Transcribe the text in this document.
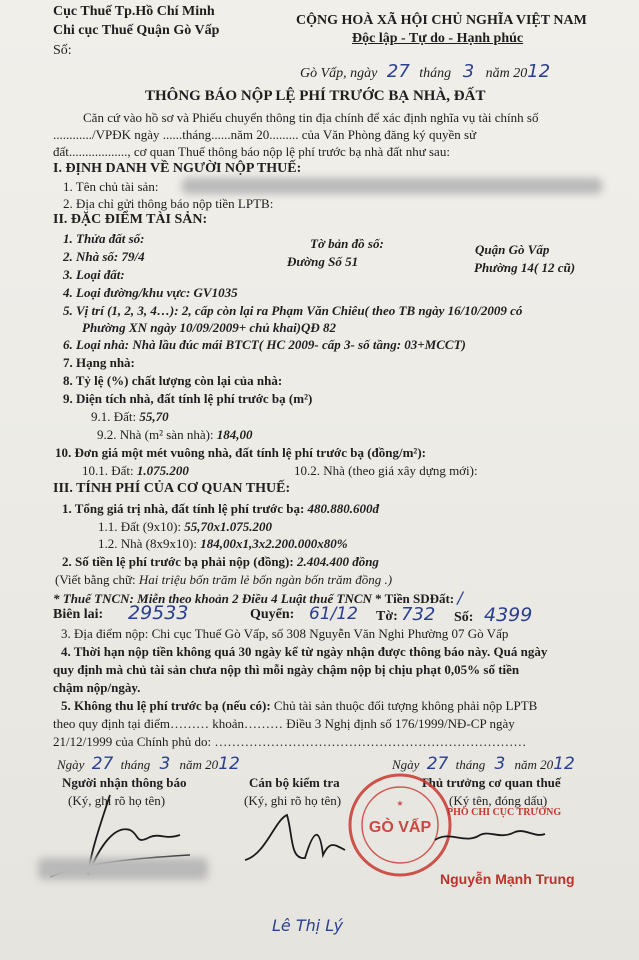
Cục Thuế Tp.Hồ Chí Minh
Chi cục Thuế Quận Gò Vấp
Số:
CỘNG HOÀ XÃ HỘI CHỦ NGHĨA VIỆT NAM
Độc lập - Tự do - Hạnh phúc
Gò Vấp, ngày 27 tháng 3 năm 2012
THÔNG BÁO NỘP LỆ PHÍ TRƯỚC BẠ NHÀ, ĐẤT
Căn cứ vào hồ sơ và Phiếu chuyển thông tin địa chính để xác định nghĩa vụ tài chính số
............/VPĐK ngày ......tháng......năm 20......... của Văn Phòng đăng ký quyền sử
đất.................., cơ quan Thuế thông báo nộp lệ phí trước bạ nhà đất như sau:
I. ĐỊNH DANH VỀ NGƯỜI NỘP THUẾ:
1. Tên chủ tài sản:
2. Địa chỉ gửi thông báo nộp tiền LPTB:
II. ĐẶC ĐIỂM TÀI SẢN:
1. Thửa đất số:	Tờ bản đồ số:	Quận Gò Vấp
2. Nhà số: 79/4	Đường Số 51	Phường 14( 12 cũ)
3. Loại đất:
4. Loại đường/khu vực: GV1035
5. Vị trí (1, 2, 3, 4…): 2, cấp còn lại ra Phạm Văn Chiêu( theo TB ngày 16/10/2009 có
Phường XN ngày 10/09/2009+ chủ khai)QĐ 82
6. Loại nhà: Nhà lầu đúc mái BTCT( HC 2009- cấp 3- số tầng: 03+MCCT)
7. Hạng nhà:
8. Tỷ lệ (%) chất lượng còn lại của nhà:
9. Diện tích nhà, đất tính lệ phí trước bạ (m²)
9.1. Đất: 55,70
9.2. Nhà (m² sàn nhà): 184,00
10. Đơn giá một mét vuông nhà, đất tính lệ phí trước bạ (đồng/m²):
10.1. Đất: 1.075.200	10.2. Nhà (theo giá xây dựng mới):
III. TÍNH PHÍ CỦA CƠ QUAN THUẾ:
1. Tổng giá trị nhà, đất tính lệ phí trước bạ: 480.880.600đ
1.1. Đất (9x10): 55,70x1.075.200
1.2. Nhà (8x9x10): 184,00x1,3x2.200.000x80%
2. Số tiền lệ phí trước bạ phải nộp (đồng): 2.404.400 đồng
(Viết bằng chữ: Hai triệu bốn trăm lẻ bốn ngàn bốn trăm đồng .)
* Thuế TNCN: Miễn theo khoản 2 Điều 4 Luật thuế TNCN * Tiền SDĐất: /
Biên lai: 29533	Quyển: 61/12 Tờ: 732 Số: 4399
3. Địa điểm nộp: Chi cục Thuế Gò Vấp, số 308 Nguyễn Văn Nghi Phường 07 Gò Vấp
4. Thời hạn nộp tiền không quá 30 ngày kể từ ngày nhận được thông báo này. Quá ngày
quy định mà chủ tài sản chưa nộp thì mỗi ngày chậm nộp bị chịu phạt 0,05% số tiền
chậm nộp/ngày.
5. Không thu lệ phí trước bạ (nếu có): Chủ tài sản thuộc đối tượng không phải nộp LPTB
theo quy định tại điểm……… khoản……… Điều 3 Nghị định số 176/1999/NĐ-CP ngày
21/12/1999 của Chính phủ do: ………………………………………………………………
Ngày 27 tháng 3 năm 2012	Ngày 27 tháng 3 năm 2012
Người nhận thông báo
(Ký, ghi rõ họ tên)
Cán bộ kiểm tra
(Ký, ghi rõ họ tên)
Thủ trưởng cơ quan thuế
(Ký tên, đóng dấu)
PHÓ CHI CỤC TRƯỞNG
GÒ VẤP
★
Nguyễn Mạnh Trung
Lê Thị Lý
